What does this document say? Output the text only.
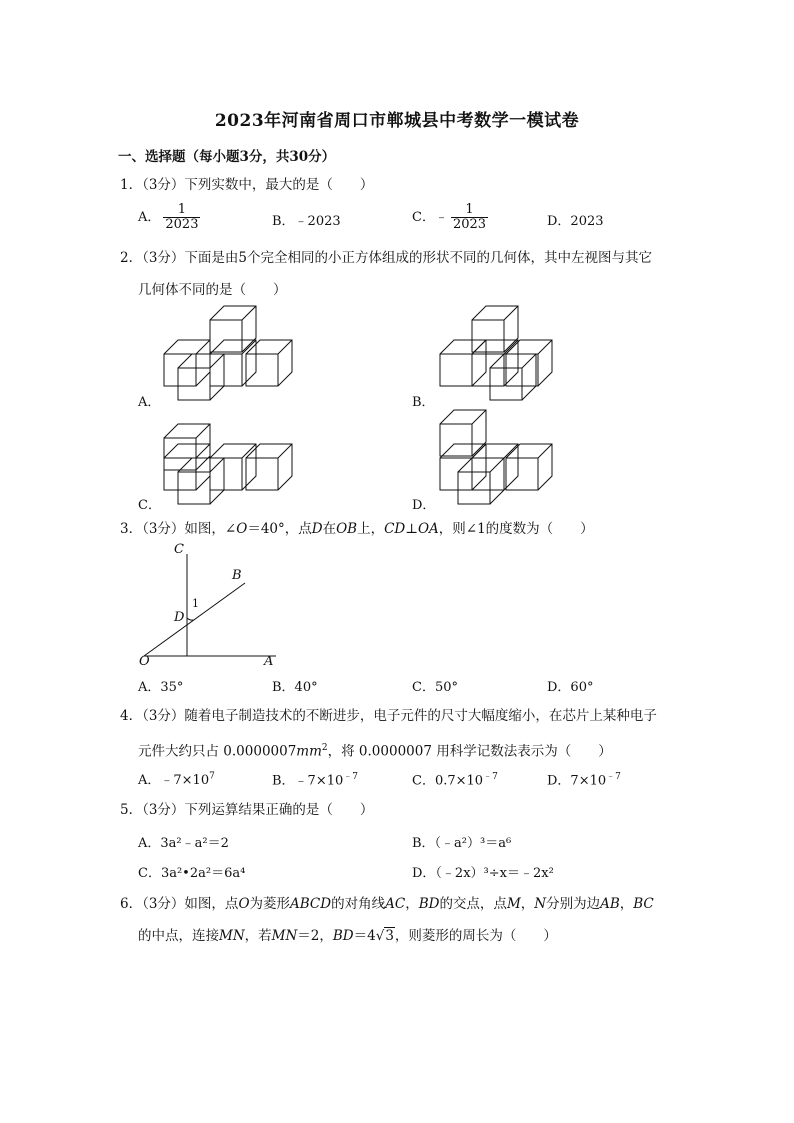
2023年河南省周口市郸城县中考数学一模试卷
一、选择题（每小题3分，共30分）
1．（3分）下列实数中，最大的是（　　）
A． $\frac{1}{2023}$	B．﹣2023	C．﹣ $\frac{1}{2023}$	D．2023
2．（3分）下面是由5个完全相同的小正方体组成的形状不同的几何体，其中左视图与其它
几何体不同的是（　　）
A．	B．
C．	D．
3．（3分）如图，∠O＝40°，点D在OB上，CD⊥OA，则∠1的度数为（　　）
C
B
D
1
O	A
A．35°	B．40°	C．50°	D．60°
4．（3分）随着电子制造技术的不断进步，电子元件的尺寸大幅度缩小，在芯片上某种电子
元件大约只占 $0.0000007mm^2$，将 0.0000007 用科学记数法表示为（　　）
A．$﹣7\times 10^7$	B．$﹣7\times 10^{﹣7}$	C．$0.7\times 10^{﹣7}$	D．$7\times 10^{﹣7}$
5．（3分）下列运算结果正确的是（　　）
A．3a²﹣a²＝2	B．（﹣a²）³＝a⁶
C．3a²•2a²＝6a⁴	D．（﹣2x）³÷x＝﹣2x²
6．（3分）如图，点O为菱形ABCD的对角线AC，BD的交点，点M，N分别为边AB，BC
的中点，连接MN，若MN＝2，BD＝4√3，则菱形的周长为（　　）
